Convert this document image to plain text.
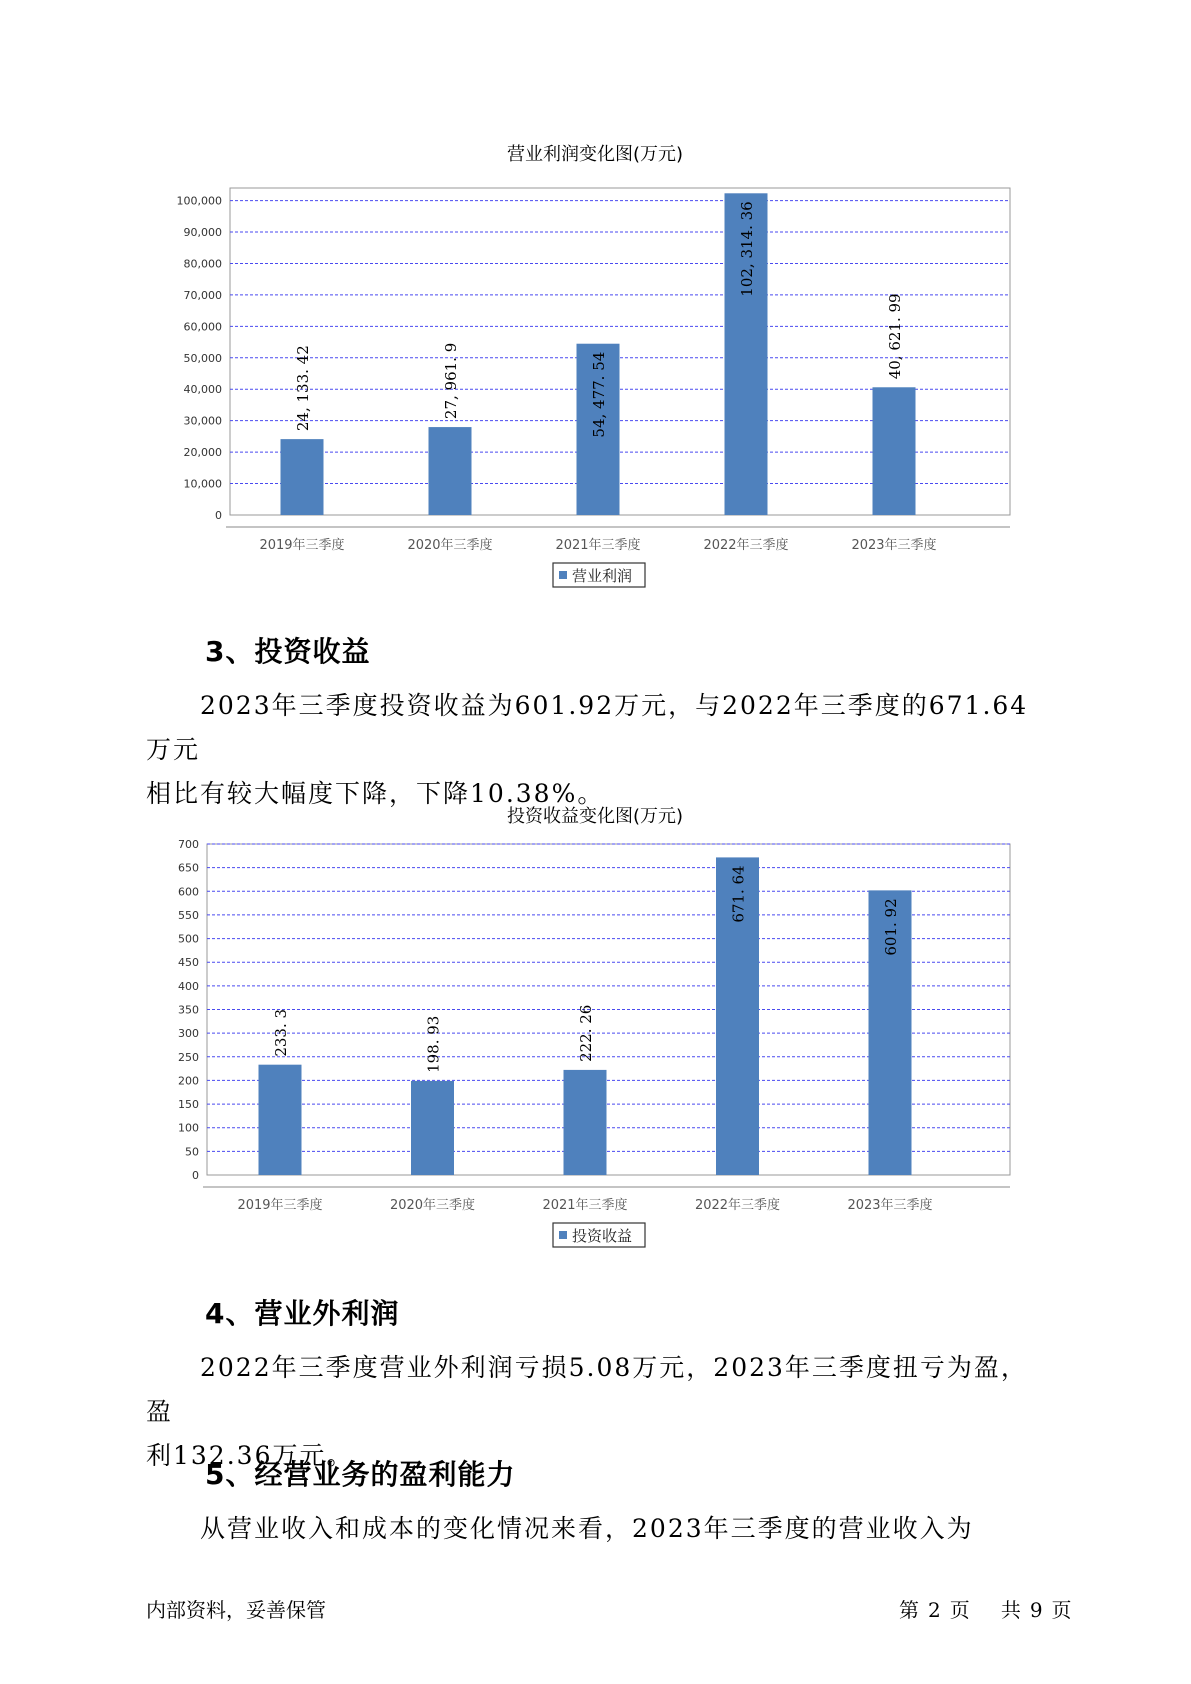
营业利润变化图(万元)
0
10,000
20,000
30,000
40,000
50,000
60,000
70,000
80,000
90,000
100,000
24, 133. 42
2019年三季度
27, 961. 9
2020年三季度
54, 477. 54
2021年三季度
102, 314. 36
2022年三季度
40, 621. 99
2023年三季度
营业利润
3、投资收益

2023年三季度投资收益为601.92万元，与2022年三季度的671.64万元
相比有较大幅度下降，下降10.38%。

投资收益变化图(万元)
0
50
100
150
200
250
300
350
400
450
500
550
600
650
700
233. 3
2019年三季度
198. 93
2020年三季度
222. 26
2021年三季度
671. 64
2022年三季度
601. 92
2023年三季度
投资收益
4、营业外利润

2022年三季度营业外利润亏损5.08万元，2023年三季度扭亏为盈，盈
利132.36万元。

5、经营业务的盈利能力

从营业收入和成本的变化情况来看，2023年三季度的营业收入为

内部资料，妥善保管	第 2 页 共 9 页
